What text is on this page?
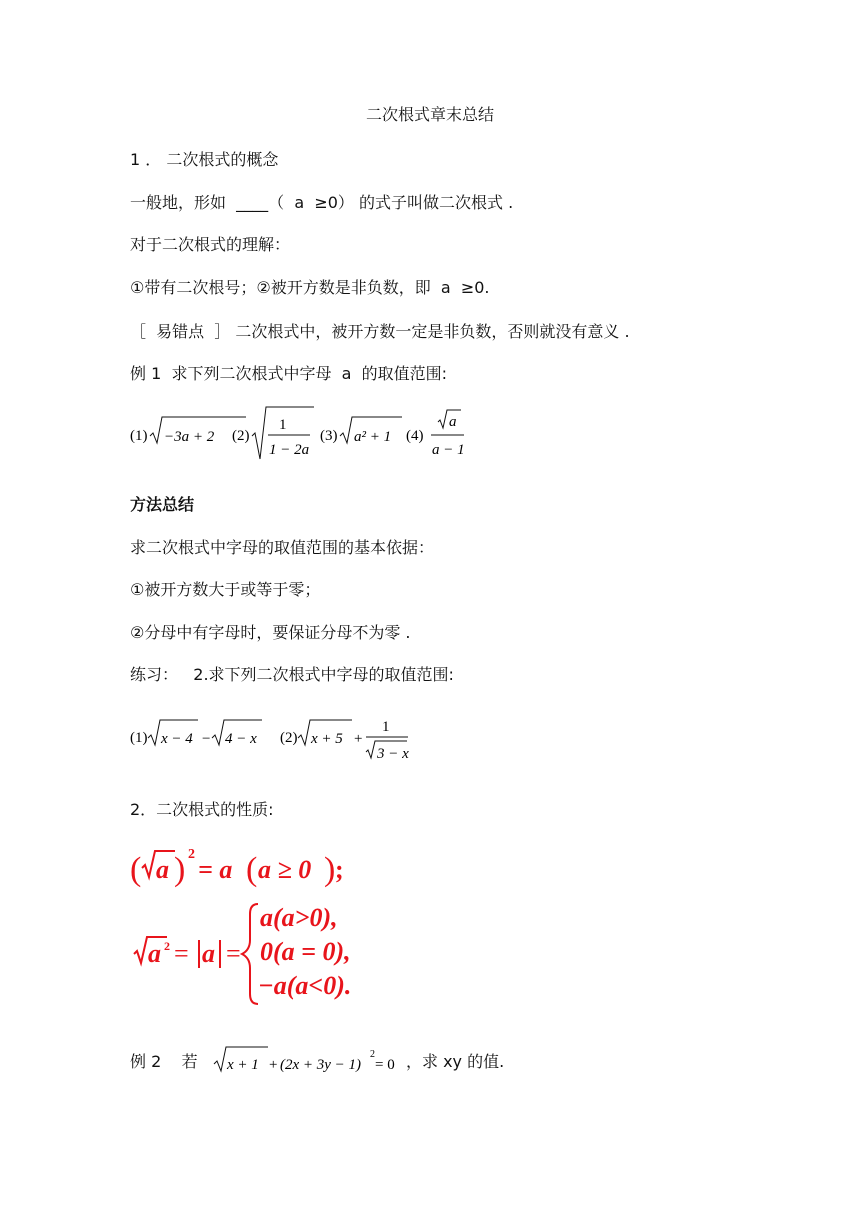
二次根式章末总结
1 ． 二次根式的概念
一般地，形如  ____（  a  ≥0） 的式子叫做二次根式 .
对于二次根式的理解：
①带有二次根号；②被开方数是非负数，即  a  ≥0.
［  易错点  ］ 二次根式中，被开方数一定是非负数，否则就没有意义 .
例 1  求下列二次根式中字母  a  的取值范围:
(1) −3a + 2 (2)
1
1 − 2a
(3) a² + 1 (4)
a
a − 1
方法总结
求二次根式中字母的取值范围的基本依据：
①被开方数大于或等于零；
②分母中有字母时，要保证分母不为零 .
练习：   2.求下列二次根式中字母的取值范围:
(1) x − 4 − 4 − x (2) x + 5 +
1
3 − x
2．二次根式的性质:
( a ) 2
= a ( a ≥ 0 ) ;
a 2 = a =
a(a>0),
0(a = 0),
−a(a<0).
例 2    若 x + 1 + (2x + 3y − 1)
2
= 0 ，求 xy 的值.
